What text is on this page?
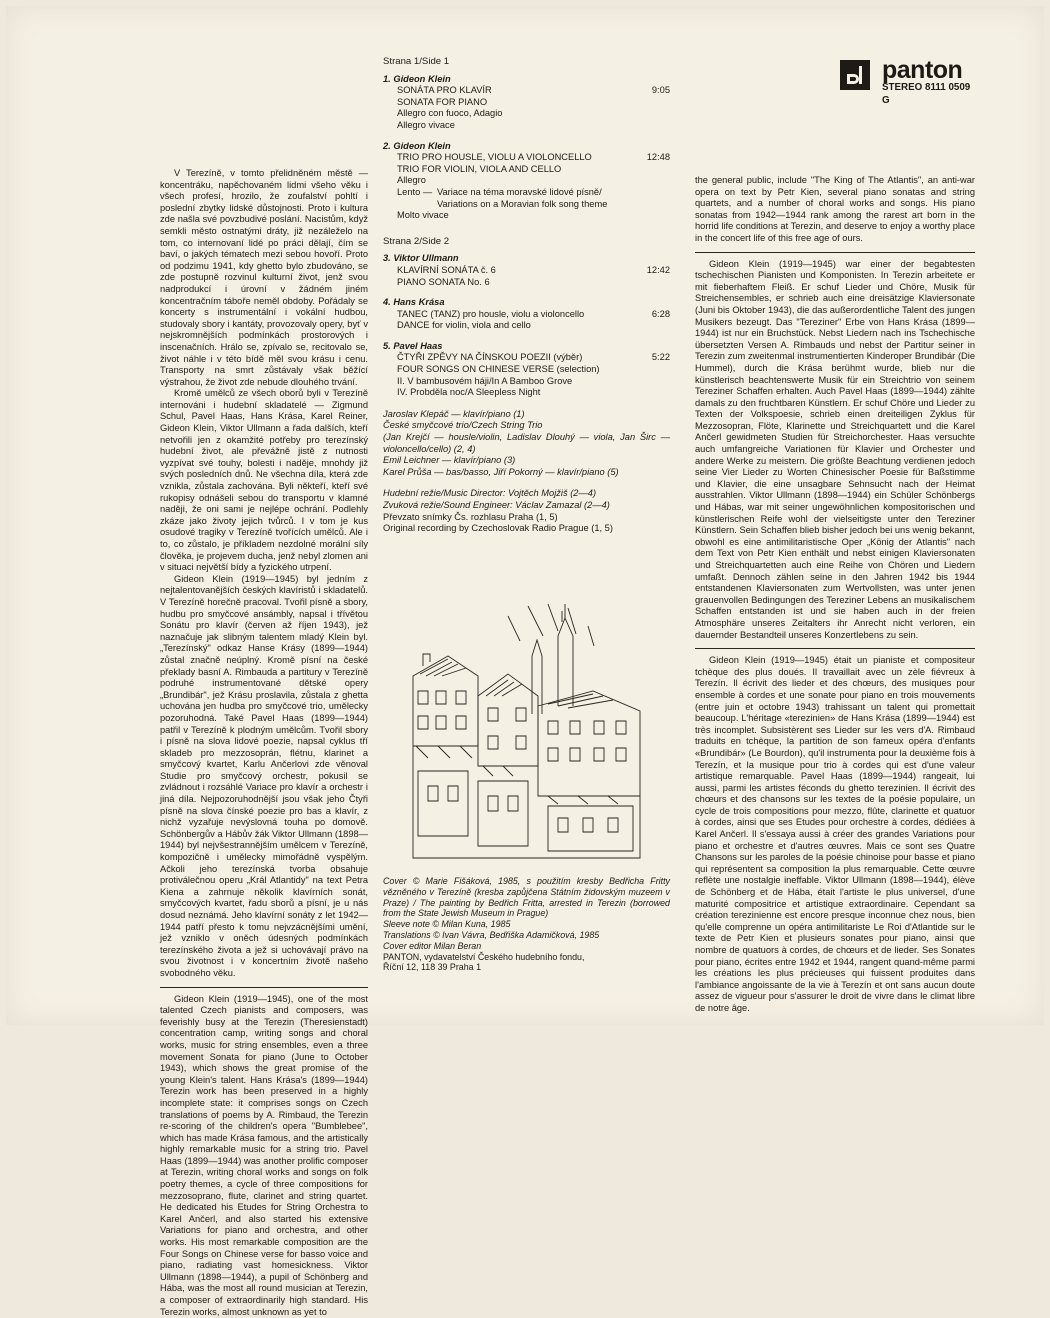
panton
STEREO 8111 0509
G

V Terezíně, v tomto přelidněném městě — koncentráku, napěchovaném lidmi všeho věku i všech profesí, hrozilo, že zoufalství pohltí i poslední zbytky lidské důstojnosti. Proto i kultura zde našla své povzbudivé poslání. Nacistům, když semkli město ostnatými dráty, již nezáleželo na tom, co internovaní lidé po práci dělají, čím se baví, o jakých tématech mezi sebou hovoří. Proto od podzimu 1941, kdy ghetto bylo zbudováno, se zde postupně rozvinul kulturní život, jenž svou nadprodukcí i úrovní v žádném jiném koncentračním táboře neměl obdoby. Pořádaly se koncerty s instrumentální i vokální hudbou, studovaly sbory i kantáty, provozovaly opery, byť v nejskromnějších podmínkách prostorových i inscenačních. Hrálo se, zpívalo se, recitovalo se, život náhle i v této bídě měl svou krásu i cenu. Transporty na smrt zůstávaly však běžící výstrahou, že život zde nebude dlouhého trvání.

Kromě umělců ze všech oborů byli v Terezíně internováni i hudební skladatelé — Zigmund Schul, Pavel Haas, Hans Krása, Karel Reiner, Gideon Klein, Viktor Ullmann a řada dalších, kteří netvořili jen z okamžité potřeby pro terezínský hudební život, ale převážně jistě z nutnosti vyzpívat své touhy, bolesti i naděje, mnohdy již svých posledních dnů. Ne všechna díla, která zde vznikla, zůstala zachována. Byli někteří, kteří své rukopisy odnášeli sebou do transportu v klamné naději, že oni sami je nejlépe ochrání. Podlehly zkáze jako životy jejich tvůrců. I v tom je kus osudové tragiky v Terezíně tvořících umělců. Ale i to, co zůstalo, je příkladem nezdolné morální síly člověka, je projevem ducha, jenž nebyl zlomen ani v situaci největší bídy a fyzického utrpení.

Gideon Klein (1919—1945) byl jedním z nejtalentovanějších českých klavíristů i skladatelů. V Terezíně horečně pracoval. Tvořil písně a sbory, hudbu pro smyčcové ansámbly, napsal i třívětou Sonátu pro klavír (červen až říjen 1943), jež naznačuje jak slibným talentem mladý Klein byl. „Terezínský" odkaz Hanse Krásy (1899—1944) zůstal značně neúplný. Kromě písní na české překlady basní A. Rimbauda a partitury v Terezíně podruhé instrumentované dětské opery „Brundibár", jež Krásu proslavila, zůstala z ghetta uchována jen hudba pro smyčcové trio, umělecky pozoruhodná. Také Pavel Haas (1899—1944) patřil v Terezíně k plodným umělcům. Tvořil sbory i písně na slova lidové poezie, napsal cyklus tří skladeb pro mezzosoprán, flétnu, klarinet a smyčcový kvartet, Karlu Ančerlovi zde věnoval Studie pro smyčcový orchestr, pokusil se zvládnout i rozsáhlé Variace pro klavír a orchestr i jiná díla. Nejpozoruhodnější jsou však jeho Čtyři písně na slova čínské poezie pro bas a klavír, z nichž vyzařuje nevýslovná touha po domově. Schönbergův a Hábův žák Viktor Ullmann (1898—1944) byl nejvšestrannějším umělcem v Terezíně, kompozičně i umělecky mimořádně vyspělým. Ačkoli jeho terezínská tvorba obsahuje protiválečnou operu „Král Atlantidy" na text Petra Kiena a zahrnuje několik klavírních sonát, smyčcových kvartet, řadu sborů a písní, je u nás dosud neznámá. Jeho klavírní sonáty z let 1942—1944 patří přesto k tomu nejvzácnějšími umění, jež vzniklo v oněch údesných podmínkách terezínského života a jež si uchovávají právo na svou životnost i v koncertním životě našeho svobodného věku.

Gideon Klein (1919—1945), one of the most talented Czech pianists and composers, was feverishly busy at the Terezin (Theresienstadt) concentration camp, writing songs and choral works, music for string ensembles, even a three movement Sonata for piano (June to October 1943), which shows the great promise of the young Klein's talent. Hans Krása's (1899—1944) Terezin work has been preserved in a highly incomplete state: it comprises songs on Czech translations of poems by A. Rimbaud, the Terezin re-scoring of the children's opera "Bumblebee", which has made Krása famous, and the artistically highly remarkable music for a string trio. Pavel Haas (1899—1944) was another prolific composer at Terezin, writing choral works and songs on folk poetry themes, a cycle of three compositions for mezzosoprano, flute, clarinet and string quartet. He dedicated his Etudes for String Orchestra to Karel Ančerl, and also started his extensive Variations for piano and orchestra, and other works. His most remarkable composition are the Four Songs on Chinese verse for basso voice and piano, radiating vast homesickness. Viktor Ullmann (1898—1944), a pupil of Schönberg and Hába, was the most all round musician at Terezin, a composer of extraordinarily high standard. His Terezin works, almost unknown as yet to

Strana 1/Side 1
1. Gideon Klein
SONÁTA PRO KLAVÍR	9:05
SONATA FOR PIANO
Allegro con fuoco, Adagio
Allegro vivace
2. Gideon Klein
TRIO PRO HOUSLE, VIOLU A VIOLONCELLO	12:48
TRIO FOR VIOLIN, VIOLA AND CELLO
Allegro
Lento — Variace na téma moravské lidové písně/
Variations on a Moravian folk song theme
Molto vivace
Strana 2/Side 2
3. Viktor Ullmann
KLAVÍRNÍ SONÁTA č. 6	12:42
PIANO SONATA No. 6
4. Hans Krása
TANEC (TANZ) pro housle, violu a violoncello	6:28
DANCE for violin, viola and cello
5. Pavel Haas
ČTYŘI ZPĚVY NA ČÍNSKOU POEZII (výběr)	5:22
FOUR SONGS ON CHINESE VERSE (selection)
II. V bambusovém háji/In A Bamboo Grove
IV. Probděla noc/A Sleepless Night
Jaroslav Klepáč — klavír/piano (1)
České smyčcové trio/Czech String Trio
(Jan Krejčí — housle/violin, Ladislav Dlouhý — viola, Jan Širc — violoncello/cello) (2, 4)
Emil Leichner — klavír/piano (3)
Karel Průša — bas/basso, Jiří Pokorný — klavír/piano (5)
Hudební režie/Music Director: Vojtěch Mojžiš (2—4)
Zvuková režie/Sound Engineer: Václav Zamazal (2—4)
Převzato snímky Čs. rozhlasu Praha (1, 5)
Original recording by Czechoslovak Radio Prague (1, 5)
Cover © Marie Fišáková, 1985, s použitím kresby Bedřicha Fritty vězněného v Terezíně (kresba zapůjčena Státním židovským muzeem v Praze) / The painting by Bedřich Fritta, arrested in Terezin (borrowed from the State Jewish Museum in Prague)
Sleeve note © Milan Kuna, 1985
Translations © Ivan Vávra, Bedřiška Adamičková, 1985
Cover editor Milan Beran
PANTON, vydavatelství Českého hudebního fondu,
Říční 12, 118 39 Praha 1

the general public, include "The King of The Atlantis", an anti-war opera on text by Petr Kien, several piano sonatas and string quartets, and a number of choral works and songs. His piano sonatas from 1942—1944 rank among the rarest art born in the horrid life conditions at Terezin, and deserve to enjoy a worthy place in the concert life of this free age of ours.

Gideon Klein (1919—1945) war einer der begabtesten tschechischen Pianisten und Komponisten. In Terezin arbeitete er mit fieberhaftem Fleiß. Er schuf Lieder und Chöre, Musik für Streichensembles, er schrieb auch eine dreisätzige Klaviersonate (Juni bis Oktober 1943), die das außerordentliche Talent des jungen Musikers bezeugt. Das "Tereziner" Erbe von Hans Krása (1899—1944) ist nur ein Bruchstück. Nebst Liedern nach ins Tschechische übersetzten Versen A. Rimbauds und nebst der Partitur seiner in Terezin zum zweitenmal instrumentierten Kinderoper Brundibár (Die Hummel), durch die Krása berühmt wurde, blieb nur die künstlerisch beachtenswerte Musik für ein Streichtrio von seinem Tereziner Schaffen erhalten. Auch Pavel Haas (1899—1944) zählte damals zu den fruchtbaren Künstlern. Er schuf Chöre und Lieder zu Texten der Volkspoesie, schrieb einen dreiteiligen Zyklus für Mezzosopran, Flöte, Klarinette und Streichquartett und die Karel Ančerl gewidmeten Studien für Streichorchester. Haas versuchte auch umfangreiche Variationen für Klavier und Orchester und andere Werke zu meistern. Die größte Beachtung verdienen jedoch seine Vier Lieder zu Worten Chinesischer Poesie für Baßstimme und Klavier, die eine unsagbare Sehnsucht nach der Heimat ausstrahlen. Viktor Ullmann (1898—1944) ein Schüler Schönbergs und Hábas, war mit seiner ungewöhnlichen kompositorischen und künstlerischen Reife wohl der vielseitigste unter den Tereziner Künstlern. Sein Schaffen blieb bisher jedoch bei uns wenig bekannt, obwohl es eine antimilitaristische Oper „König der Atlantis" nach dem Text von Petr Kien enthält und nebst einigen Klaviersonaten und Streichquartetten auch eine Reihe von Chören und Liedern umfaßt. Dennoch zählen seine in den Jahren 1942 bis 1944 entstandenen Klaviersonaten zum Wertvollsten, was unter jenen grauenvollen Bedingungen des Tereziner Lebens an musikalischem Schaffen entstanden ist und sie haben auch in der freien Atmosphäre unseres Zeitalters ihr Anrecht nicht verloren, ein dauernder Bestandteil unseres Konzertlebens zu sein.

Gideon Klein (1919—1945) était un pianiste et compositeur tchèque des plus doués. Il travaillait avec un zèle fiévreux à Terezín. Il écrivit des lieder et des chœurs, des musiques pour ensemble à cordes et une sonate pour piano en trois mouvements (entre juin et octobre 1943) trahissant un talent qui promettait beaucoup. L'héritage «terezinien» de Hans Krása (1899—1944) est très incomplet. Subsistèrent ses Lieder sur les vers d'A. Rimbaud traduits en tchèque, la partition de son fameux opéra d'enfants «Brundibár» (Le Bourdon), qu'il instrumenta pour la deuxième fois à Terezín, et la musique pour trio à cordes qui est d'une valeur artistique remarquable. Pavel Haas (1899—1944) rangeait, lui aussi, parmi les artistes féconds du ghetto terezinien. Il écrivit des chœurs et des chansons sur les textes de la poésie populaire, un cycle de trois compositions pour mezzo, flûte, clarinette et quatuor à cordes, ainsi que ses Etudes pour orchestre à cordes, dédiées à Karel Ančerl. Il s'essaya aussi à créer des grandes Variations pour piano et orchestre et d'autres œuvres. Mais ce sont ses Quatre Chansons sur les paroles de la poésie chinoise pour basse et piano qui représentent sa composition la plus remarquable. Cette œuvre reflète une nostalgie ineffable. Viktor Ullmann (1898—1944), élève de Schönberg et de Hába, était l'artiste le plus universel, d'une maturité compositrice et artistique extraordinaire. Cependant sa création terezinienne est encore presque inconnue chez nous, bien qu'elle comprenne un opéra antimilitariste Le Roi d'Atlantide sur le texte de Petr Kien et plusieurs sonates pour piano, ainsi que nombre de quatuors à cordes, de chœurs et de lieder. Ses Sonates pour piano, écrites entre 1942 et 1944, rangent quand-même parmi les créations les plus précieuses qui fuissent produites dans l'ambiance angoissante de la vie à Terezín et ont sans aucun doute assez de vigueur pour s'assurer le droit de vivre dans le climat libre de notre âge.
